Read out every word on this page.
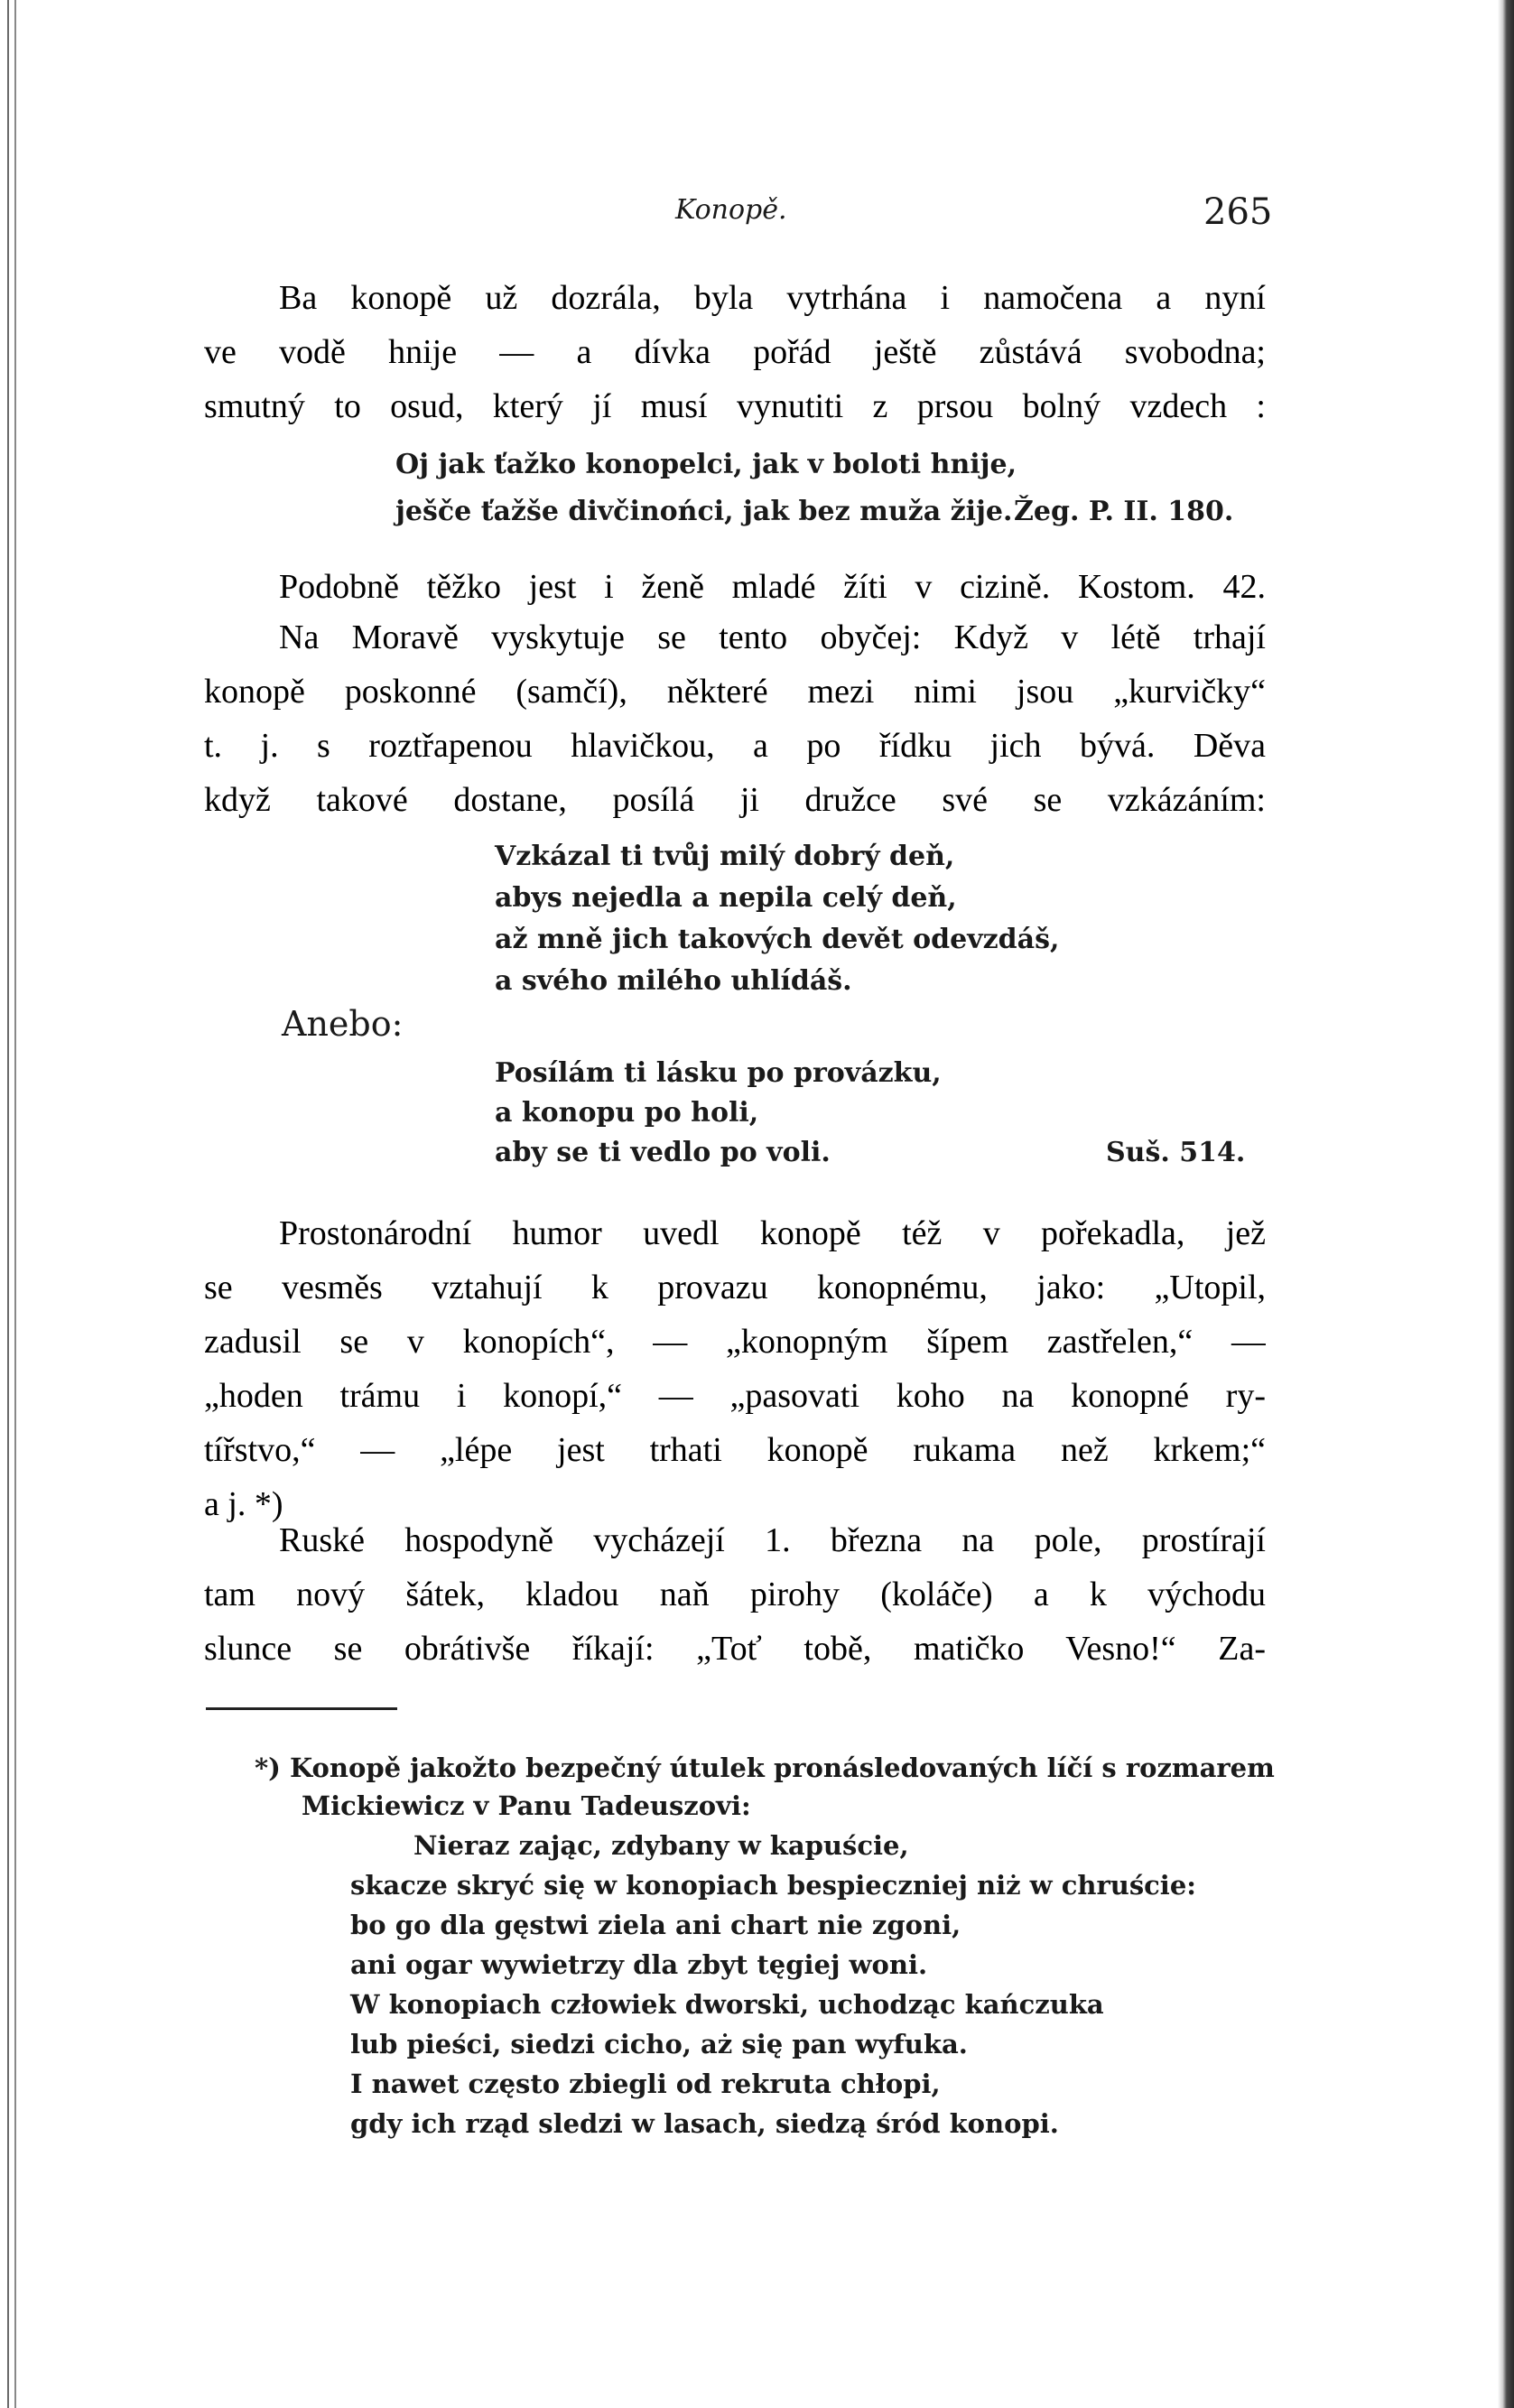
Konopě.	265
Ba konopě už dozrála, byla vytrhána i namočena a nyní
ve vodě hnije — a dívka pořád ještě zůstává svobodna;
smutný to osud, který jí musí vynutiti z prsou bolný vzdech :
Oj jak ťažko konopelci, jak v boloti hnije,
ješče ťažše divčinońci, jak bez muža žije. Žeg. P. II. 180.
Podobně těžko jest i ženě mladé žíti v cizině. Kostom. 42.
Na Moravě vyskytuje se tento obyčej: Když v létě trhají
konopě poskonné (samčí), některé mezi nimi jsou „kurvičky“
t. j. s roztřapenou hlavičkou, a po řídku jich bývá. Děva
když takové dostane, posílá ji družce své se vzkázáním:
Vzkázal ti tvůj milý dobrý deň,
abys nejedla a nepila celý deň,
až mně jich takových devět odevzdáš,
a svého milého uhlídáš.
Anebo:
Posílám ti lásku po provázku,
a konopu po holi,
aby se ti vedlo po voli.	Suš. 514.
Prostonárodní humor uvedl konopě též v pořekadla, jež
se vesměs vztahují k provazu konopnému, jako: „Utopil,
zadusil se v konopích“, — „konopným šípem zastřelen,“ —
„hoden trámu i konopí,“ — „pasovati koho na konopné ry-
tířstvo,“ — „lépe jest trhati konopě rukama než krkem;“
a j. *)
Ruské hospodyně vycházejí 1. března na pole, prostírají
tam nový šátek, kladou naň pirohy (koláče) a k východu
slunce se obrátivše říkají: „Toť tobě, matičko Vesno!“ Za-
*) Konopě jakožto bezpečný útulek pronásledovaných líčí s rozmarem
Mickiewicz v Panu Tadeuszovi:
Nieraz zając, zdybany w kapuście,
skacze skryć się w konopiach bespieczniej niż w chruście:
bo go dla gęstwi ziela ani chart nie zgoni,
ani ogar wywietrzy dla zbyt tęgiej woni.
W konopiach człowiek dworski, uchodząc kańczuka
lub pieści, siedzi cicho, aż się pan wyfuka.
I nawet często zbiegli od rekruta chłopi,
gdy ich rząd sledzi w lasach, siedzą śród konopi.
